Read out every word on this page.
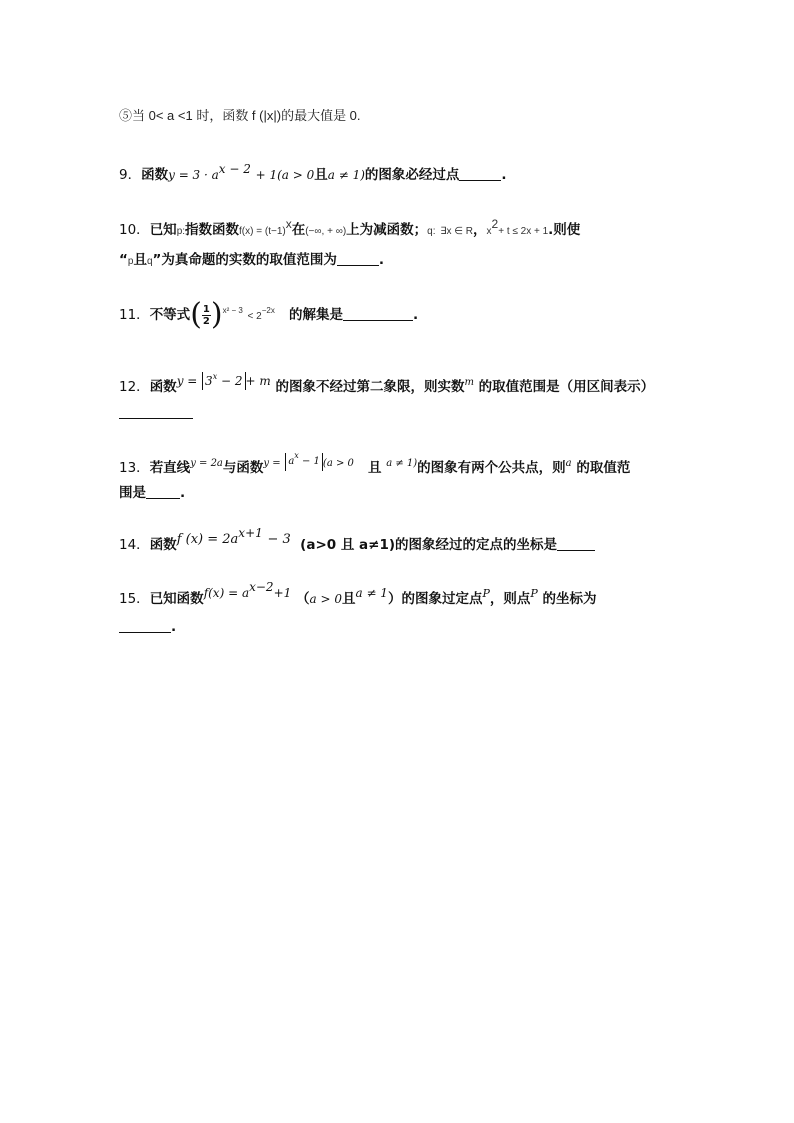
⑤当 0< a <1 时，函数 f (|x|)的最大值是 0.
9．函数$y = 3 \cdot a^{x - 2} + 1(a > 0$且a ≠ 1)的图象必经过点	.
10．已知p:指数函数$f(x) = (t-1)^x$在(−∞, + ∞)上为减函数；q: ∃x ∈ R，$x^2+ t \le 2x + 1$.则使
“p且q”为真命题的实数的取值范围为	.
11．不等式( $\frac{1}{2} )^{x^2 - 3} < 2^{-2x}$ 的解集是	.
12．函数$y = 3^x - 2 + m$ 的图象不经过第二象限，则实数$^m$ 的取值范围是（用区间表示）
13．若直线$^{y = 2a}$与函数$^{y =}$ $a^x - 1$ $^{(a > 0}$ 且 $^{a \ne 1)}$的图象有两个公共点，则$^a$ 的取值范
围是	.
14．函数f $(x) = 2a^{x+1} - 3$ (a>0 且 a≠1)的图象经过的定点的坐标是
15．已知函数$f(x) = a^{x-2}+1$ （a > 0且a ≠ 1）的图象过定点$^P$，则点$^P$ 的坐标为
.
